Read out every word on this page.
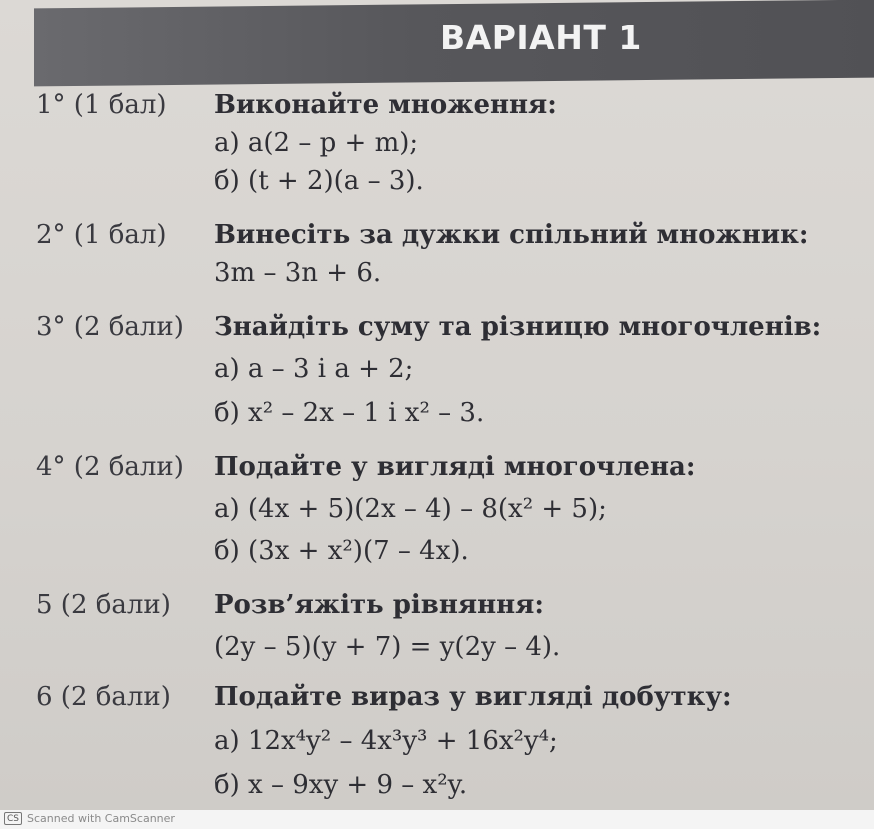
ВАРІАНТ 1
1° (1 бал) Виконайте множення:
а) a(2 – p + m);
б) (t + 2)(a – 3).
2° (1 бал) Винесіть за дужки спільний множник:
3m – 3n + 6.
3° (2 бали) Знайдіть суму та різницю многочленів:
а) a – 3 і a + 2;
б) x² – 2x – 1 і x² – 3.
4° (2 бали) Подайте у вигляді многочлена:
а) (4x + 5)(2x – 4) – 8(x² + 5);
б) (3x + x²)(7 – 4x).
5 (2 бали) Розв’яжіть рівняння:
(2y – 5)(y + 7) = y(2y – 4).
6 (2 бали) Подайте вираз у вигляді добутку:
а) 12x⁴y² – 4x³y³ + 16x²y⁴;
б) x – 9xy + 9 – x²y.
CS Scanned with CamScanner
